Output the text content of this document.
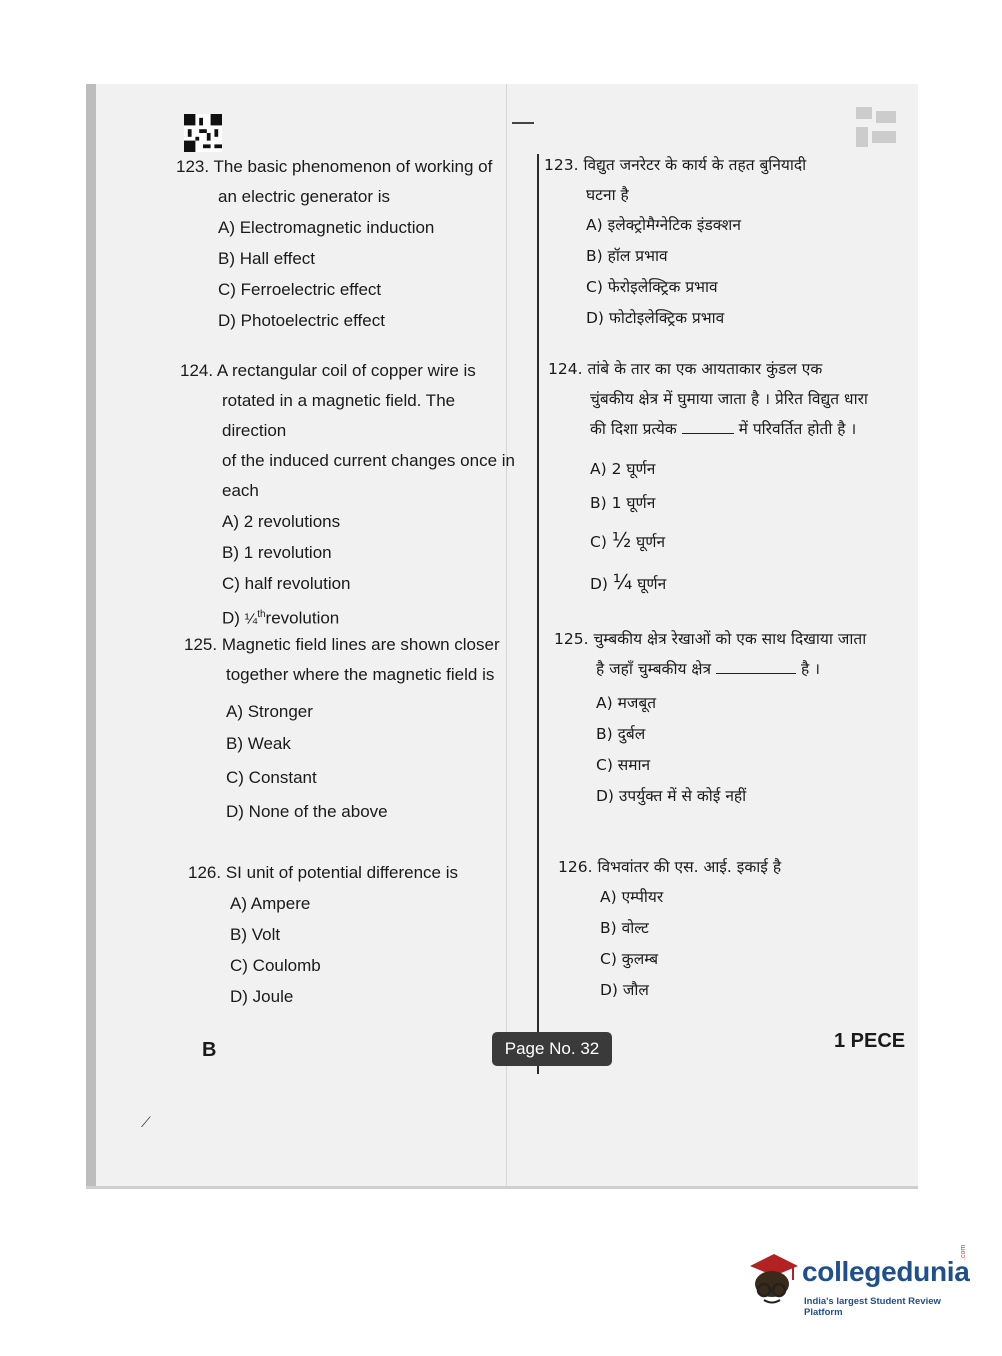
123. The basic phenomenon of working of
an electric generator is
A) Electromagnetic induction
B) Hall effect
C) Ferroelectric effect
D) Photoelectric effect
124. A rectangular coil of copper wire is
rotated in a magnetic field. The direction
of the induced current changes once in
each
A) 2 revolutions
B) 1 revolution
C) half revolution
D) ¼$^{th}$revolution
125. Magnetic field lines are shown closer
together where the magnetic field is
A) Stronger
B) Weak
C) Constant
D) None of the above
126. SI unit of potential difference is
A) Ampere
B) Volt
C) Coulomb
D) Joule
123. विद्युत जनरेटर के कार्य के तहत बुनियादी
घटना है
A) इलेक्ट्रोमैग्नेटिक इंडक्शन
B) हॉल प्रभाव
C) फेरोइलेक्ट्रिक प्रभाव
D) फोटोइलेक्ट्रिक प्रभाव
124. तांबे के तार का एक आयताकार कुंडल एक
चुंबकीय क्षेत्र में घुमाया जाता है । प्रेरित विद्युत धारा
की दिशा प्रत्येक	में परिवर्तित होती है ।
A) 2 घूर्णन
B) 1 घूर्णन
C) ½ घूर्णन
D) ¼ घूर्णन
125. चुम्बकीय क्षेत्र रेखाओं को एक साथ दिखाया जाता
है जहाँ चुम्बकीय क्षेत्र	है ।
A) मजबूत
B) दुर्बल
C) समान
D) उपर्युक्त में से कोई नहीं
126. विभवांतर की एस. आई. इकाई है
A) एम्पीयर
B) वोल्ट
C) कुलम्ब
D) जौल
B	Page No. 32	1 PECE
⟋
collegedunia
India's largest Student Review Platform
.com
